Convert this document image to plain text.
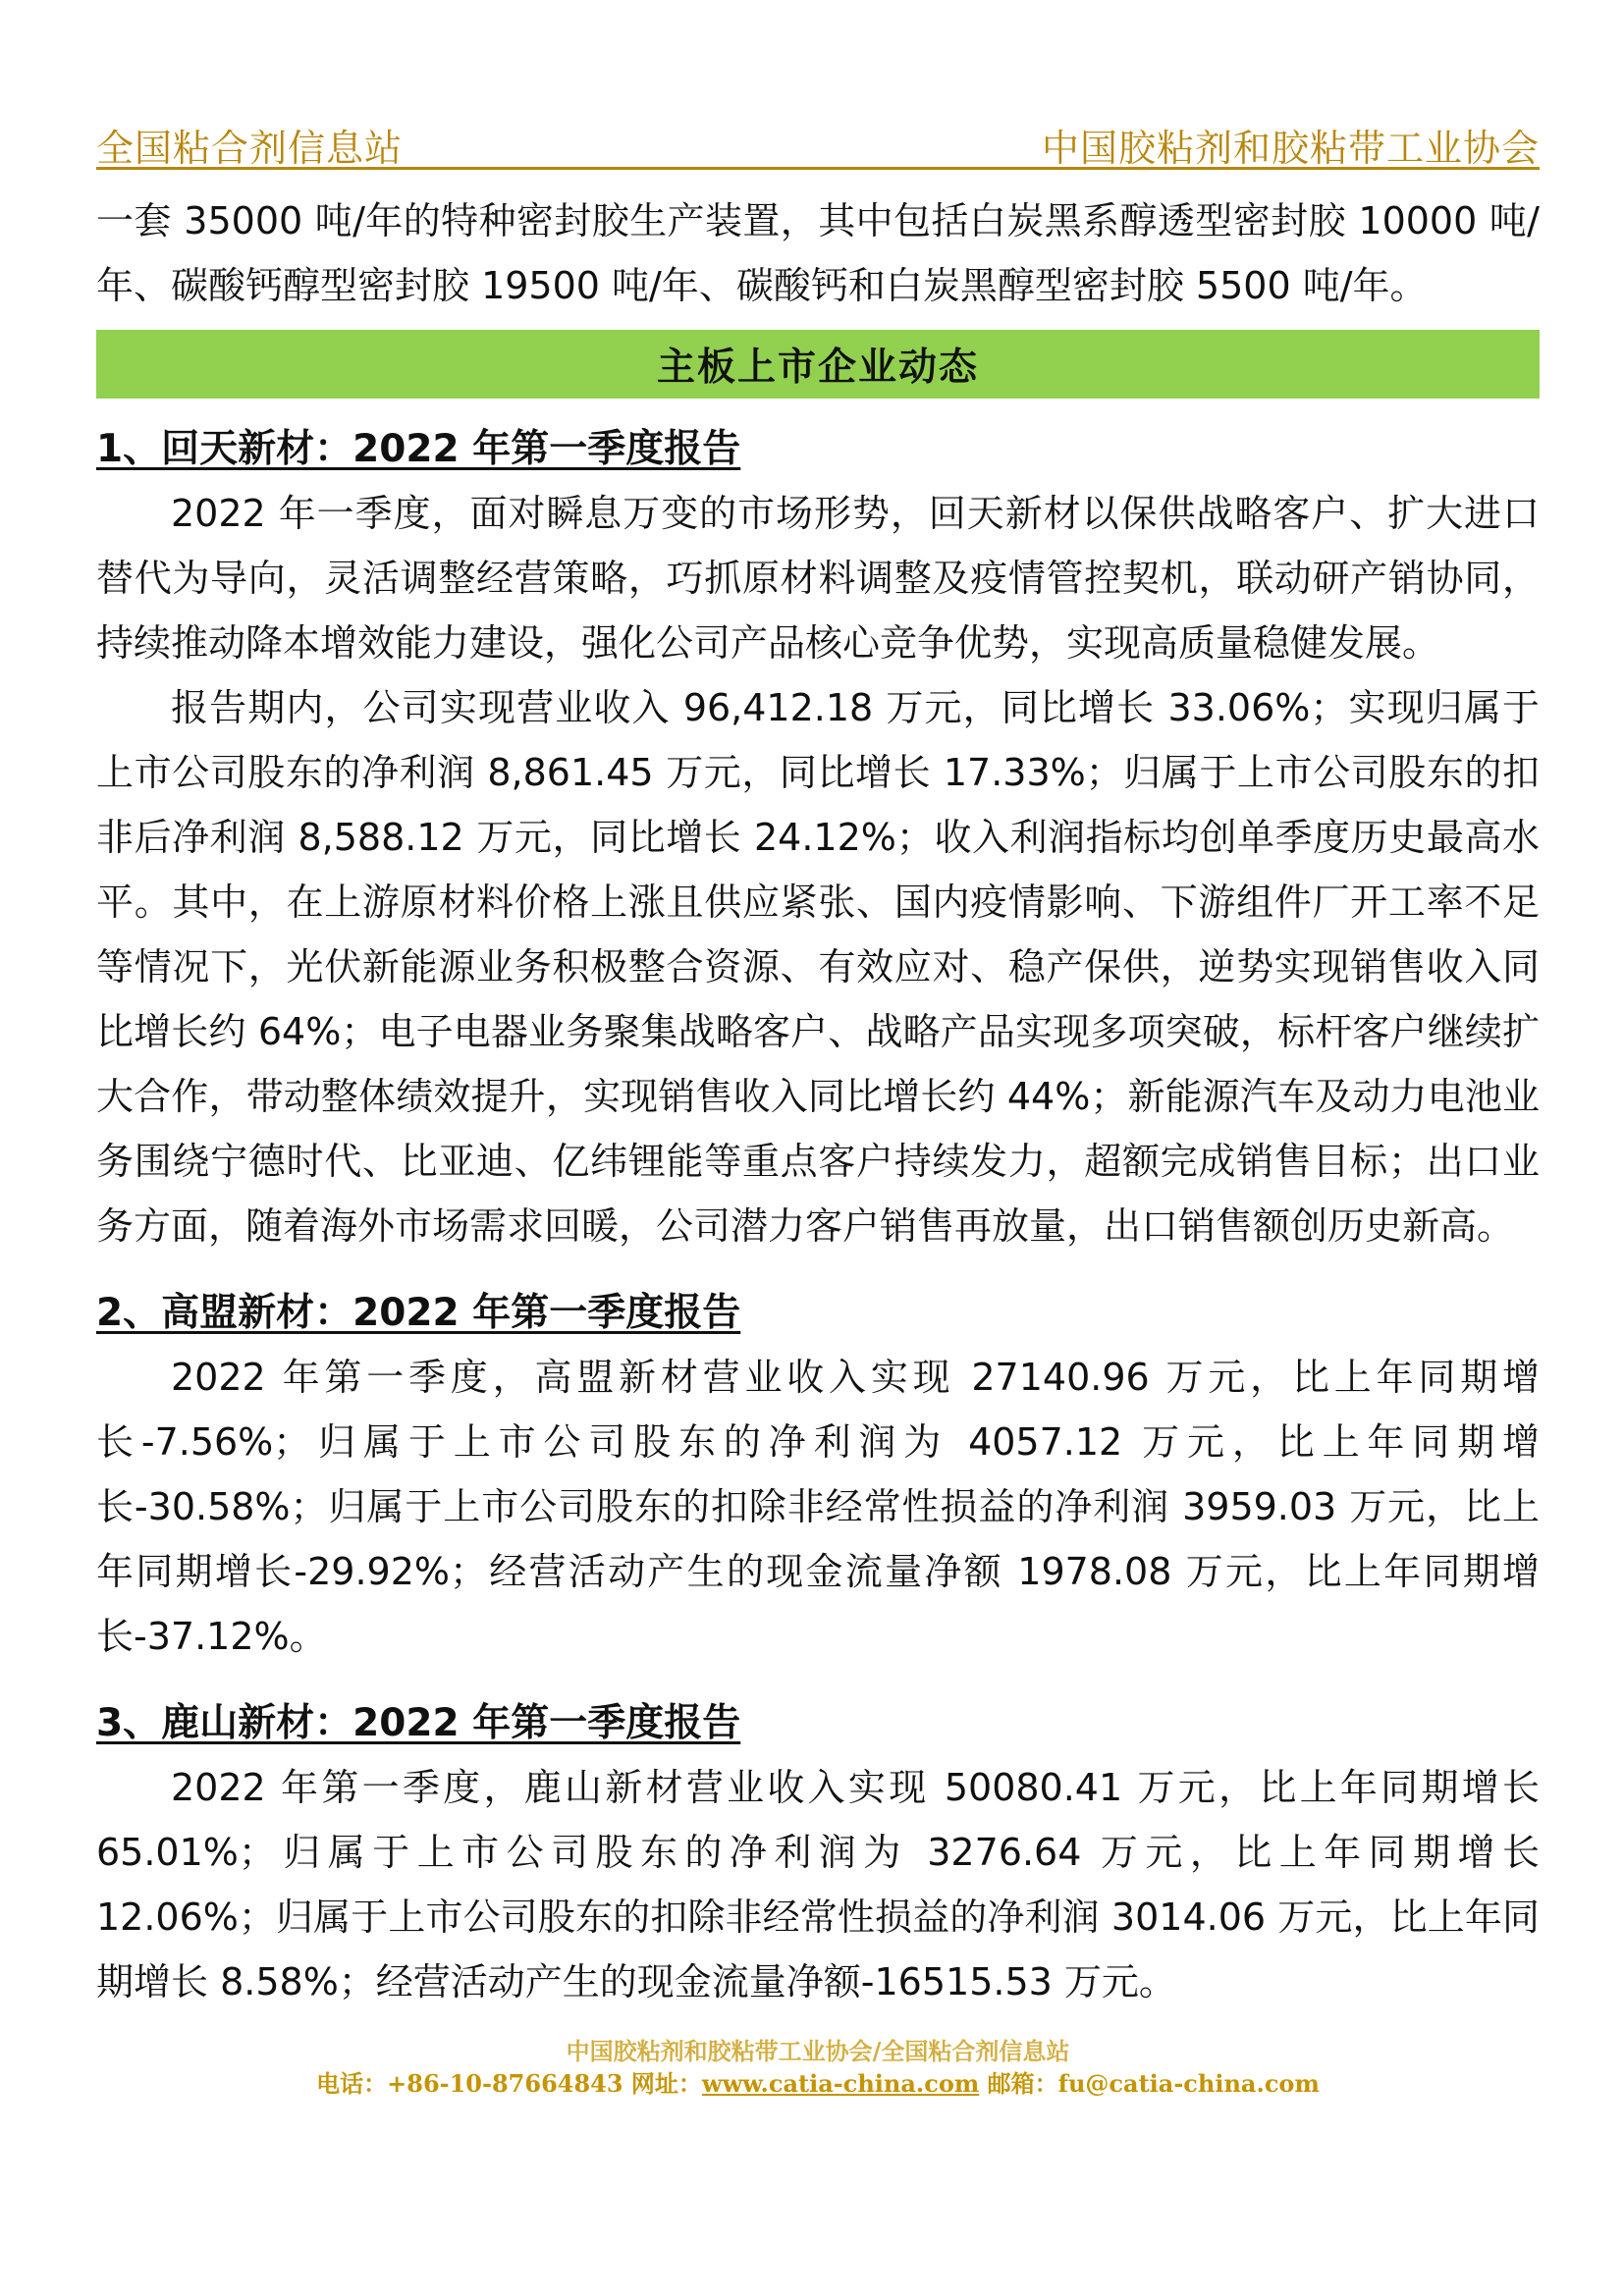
全国粘合剂信息站	中国胶粘剂和胶粘带工业协会

一套 35000 吨/年的特种密封胶生产装置，其中包括白炭黑系醇透型密封胶 10000 吨/年、碳酸钙醇型密封胶 19500 吨/年、碳酸钙和白炭黑醇型密封胶 5500 吨/年。

主板上市企业动态
1、回天新材：2022 年第一季度报告

2022 年一季度，面对瞬息万变的市场形势，回天新材以保供战略客户、扩大进口替代为导向，灵活调整经营策略，巧抓原材料调整及疫情管控契机，联动研产销协同，持续推动降本增效能力建设，强化公司产品核心竞争优势，实现高质量稳健发展。

报告期内，公司实现营业收入 96,412.18 万元，同比增长 33.06%；实现归属于上市公司股东的净利润 8,861.45 万元，同比增长 17.33%；归属于上市公司股东的扣非后净利润 8,588.12 万元，同比增长 24.12%；收入利润指标均创单季度历史最高水平。其中，在上游原材料价格上涨且供应紧张、国内疫情影响、下游组件厂开工率不足等情况下，光伏新能源业务积极整合资源、有效应对、稳产保供，逆势实现销售收入同比增长约 64%；电子电器业务聚集战略客户、战略产品实现多项突破，标杆客户继续扩大合作，带动整体绩效提升，实现销售收入同比增长约 44%；新能源汽车及动力电池业务围绕宁德时代、比亚迪、亿纬锂能等重点客户持续发力，超额完成销售目标；出口业务方面，随着海外市场需求回暖，公司潜力客户销售再放量，出口销售额创历史新高。

2、高盟新材：2022 年第一季度报告

2022 年第一季度，高盟新材营业收入实现 27140.96 万元，比上年同期增长-7.56%；归属于上市公司股东的净利润为 4057.12 万元，比上年同期增长-30.58%；归属于上市公司股东的扣除非经常性损益的净利润 3959.03 万元，比上年同期增长-29.92%；经营活动产生的现金流量净额 1978.08 万元，比上年同期增长-37.12%。

3、鹿山新材：2022 年第一季度报告

2022 年第一季度，鹿山新材营业收入实现 50080.41 万元，比上年同期增长 65.01%；归属于上市公司股东的净利润为 3276.64 万元，比上年同期增长 12.06%；归属于上市公司股东的扣除非经常性损益的净利润 3014.06 万元，比上年同期增长 8.58%；经营活动产生的现金流量净额-16515.53 万元。

中国胶粘剂和胶粘带工业协会/全国粘合剂信息站
电话：+86-10-87664843 网址：www.catia-china.com 邮箱：fu@catia-china.com
